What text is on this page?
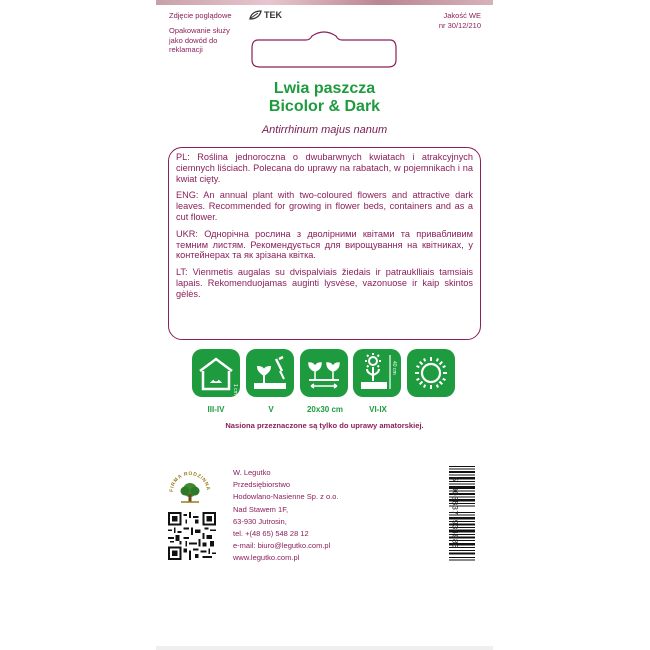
Zdjęcie poglądowe	TEK	Jakość WE
nr 30/12/210
Opakowanie służy jako dowód do reklamacji
Lwia paszcza
Bicolor & Dark
Antirrhinum majus nanum

PL: Roślina jednoroczna o dwubarwnych kwiatach i atrakcyjnych ciemnych liściach. Polecana do uprawy na rabatach, w pojemnikach i na kwiat cięty.

ENG: An annual plant with two-coloured flowers and attractive dark leaves. Recommended for growing in flower beds, containers and as a cut flower.

UKR: Однорічна рослина з дволірними квітами та привабливим темним листям. Рекомендується для вирощування на квітниках, у контейнерах та як зрізана квітка.

LT: Vienmetis augalas su dvispalviais žiedais ir patrauklliais tamsiais lapais. Rekomenduojamas auginti lysvėse, vazonuose ir kaip skintos gėlės.

1 cm
40 cm
III-IV	V	20x30 cm	VI-IX
Nasiona przeznaczone są tylko do uprawy amatorskiej.
FIRMA RODZINNA
W. Legutko
Przedsiębiorstwo
Hodowlano-Nasienne Sp. z o.o.
Nad Stawem 1F,
63-930 Jutrosin,
tel. +(48 65) 548 28 12
e-mail: biuro@legutko.com.pl
www.legutko.com.pl
5 903837 934980
